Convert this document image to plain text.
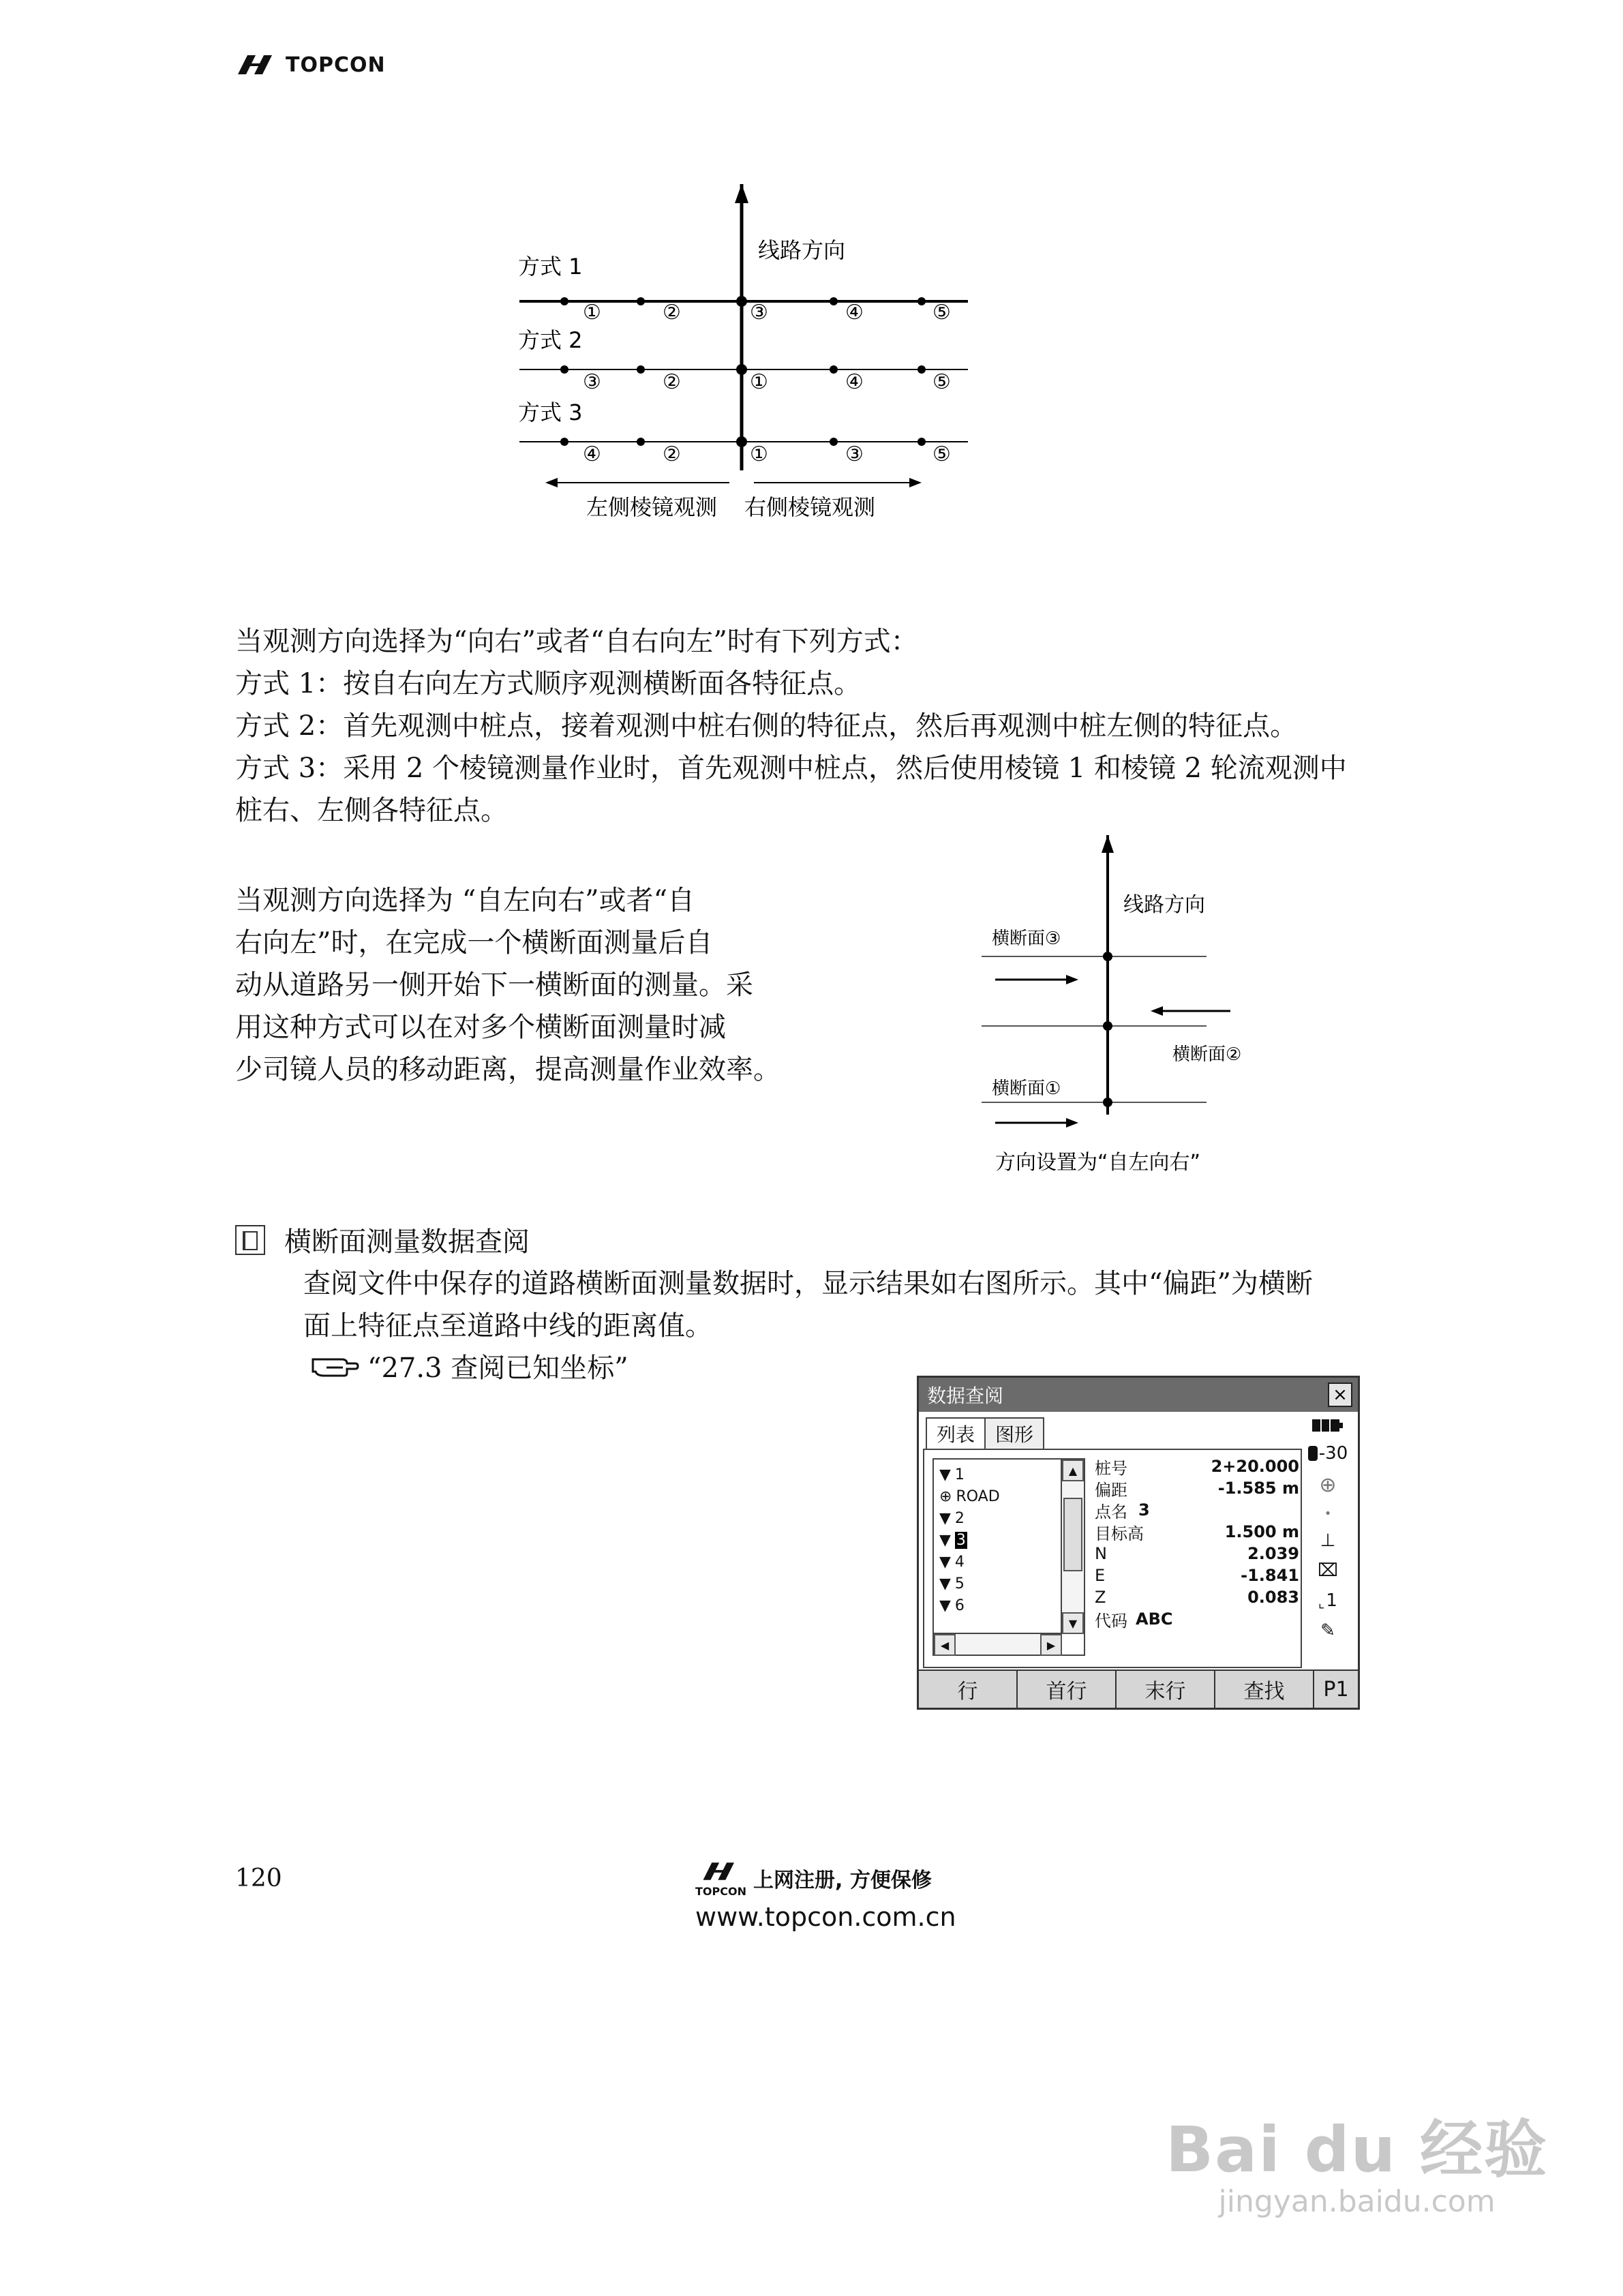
TOPCON
线路方向
方式 1
①	②	③	④	⑤
方式 2
③	②	①	④	⑤
方式 3
④	②	①	③	⑤
左侧棱镜观测 右侧棱镜观测
当观测方向选择为“向右”或者“自右向左”时有下列方式：
方式 1：按自右向左方式顺序观测横断面各特征点。
方式 2：首先观测中桩点，接着观测中桩右侧的特征点，然后再观测中桩左侧的特征点。
方式 3：采用 2 个棱镜测量作业时，首先观测中桩点，然后使用棱镜 1 和棱镜 2 轮流观测中
桩右、左侧各特征点。
当观测方向选择为 “自左向右”或者“自
右向左”时，在完成一个横断面测量后自
动从道路另一侧开始下一横断面的测量。采
用这种方式可以在对多个横断面测量时减
少司镜人员的移动距离，提高测量作业效率。
线路方向
横断面③
横断面②
横断面①
方向设置为“自左向右”
横断面测量数据查阅
查阅文件中保存的道路横断面测量数据时，显示结果如右图所示。其中“偏距”为横断
面上特征点至道路中线的距离值。
“27.3 查阅已知坐标”
数据查阅	×
列表	图形
▼ 1
⊕ ROAD
▼ 2
▼ 3
▼ 4
▼ 5
▼ 6
▲
▼
◀	▶
桩号	2+20.000
偏距	-1.585 m
点名 3
目标高	1.500 m
N	2.039
E	-1.841
Z	0.083
代码 ABC
-30
⊕
•
⊥
⌧
⌞ 1
✎
行	首行	末行	查找	P1
120	TOPCON 上网注册, 方便保修
www.topcon.com.cn
Bai du 经验
jingyan.baidu.com
